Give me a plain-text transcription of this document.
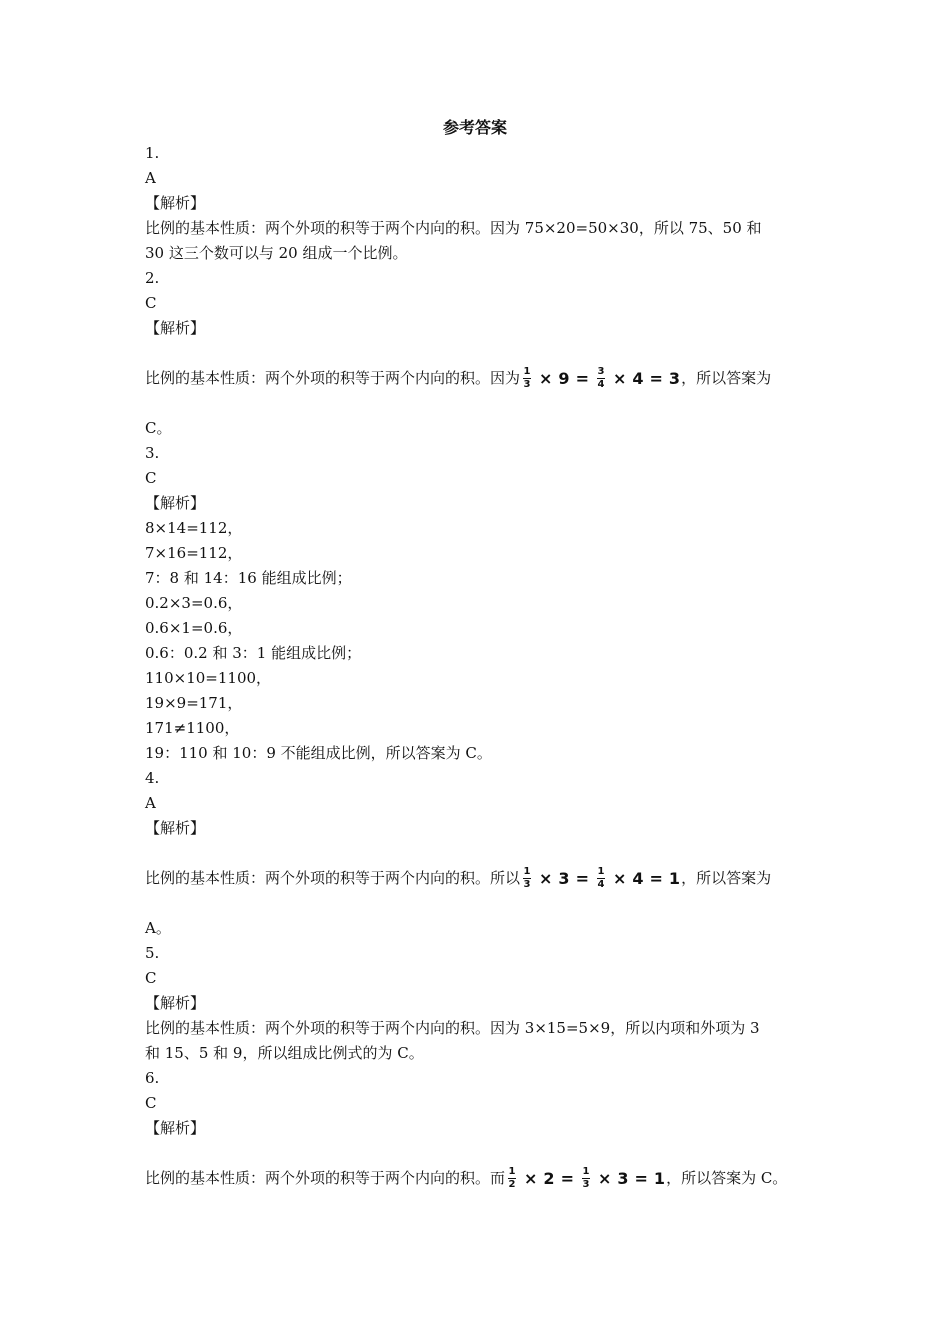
参考答案
1.
A
【解析】
比例的基本性质：两个外项的积等于两个内向的积。因为 75×20=50×30，所以 75、50 和
30 这三个数可以与 20 组成一个比例。
2.
C
【解析】
比例的基本性质：两个外项的积等于两个内向的积。因为 $\frac{1}{3} \times 9 = \frac{3}{4} \times 4 = 3$ ，所以答案为
C。
3.
C
【解析】
8×14=112，
7×16=112，
7：8 和 14：16 能组成比例；
0.2×3=0.6，
0.6×1=0.6，
0.6：0.2 和 3：1 能组成比例；
110×10=1100，
19×9=171，
171≠1100，
19：110 和 10：9 不能组成比例，所以答案为 C。
4.
A
【解析】
比例的基本性质：两个外项的积等于两个内向的积。所以 $\frac{1}{3} \times 3 = \frac{1}{4} \times 4 = 1$ ，所以答案为
A。
5.
C
【解析】
比例的基本性质：两个外项的积等于两个内向的积。因为 3×15=5×9，所以内项和外项为 3
和 15、5 和 9，所以组成比例式的为 C。
6.
C
【解析】
比例的基本性质：两个外项的积等于两个内向的积。而 $\frac{1}{2} \times 2 = \frac{1}{3} \times 3 = 1$ ，所以答案为 C。
